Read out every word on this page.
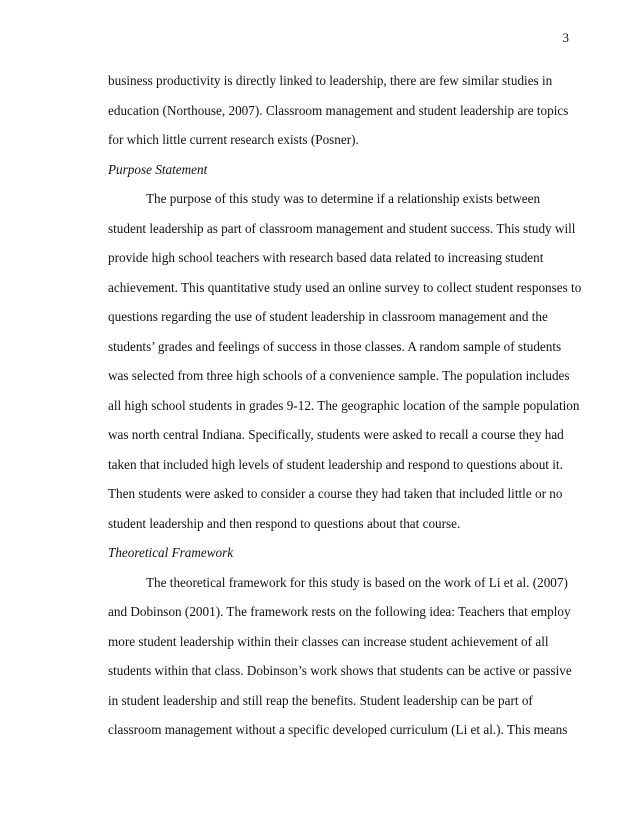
3
business productivity is directly linked to leadership, there are few similar studies in
education (Northouse, 2007). Classroom management and student leadership are topics
for which little current research exists (Posner).
Purpose Statement
The purpose of this study was to determine if a relationship exists between
student leadership as part of classroom management and student success. This study will
provide high school teachers with research based data related to increasing student
achievement. This quantitative study used an online survey to collect student responses to
questions regarding the use of student leadership in classroom management and the
students’ grades and feelings of success in those classes. A random sample of students
was selected from three high schools of a convenience sample. The population includes
all high school students in grades 9-12. The geographic location of the sample population
was north central Indiana. Specifically, students were asked to recall a course they had
taken that included high levels of student leadership and respond to questions about it.
Then students were asked to consider a course they had taken that included little or no
student leadership and then respond to questions about that course.
Theoretical Framework
The theoretical framework for this study is based on the work of Li et al. (2007)
and Dobinson (2001). The framework rests on the following idea: Teachers that employ
more student leadership within their classes can increase student achievement of all
students within that class. Dobinson’s work shows that students can be active or passive
in student leadership and still reap the benefits. Student leadership can be part of
classroom management without a specific developed curriculum (Li et al.). This means
